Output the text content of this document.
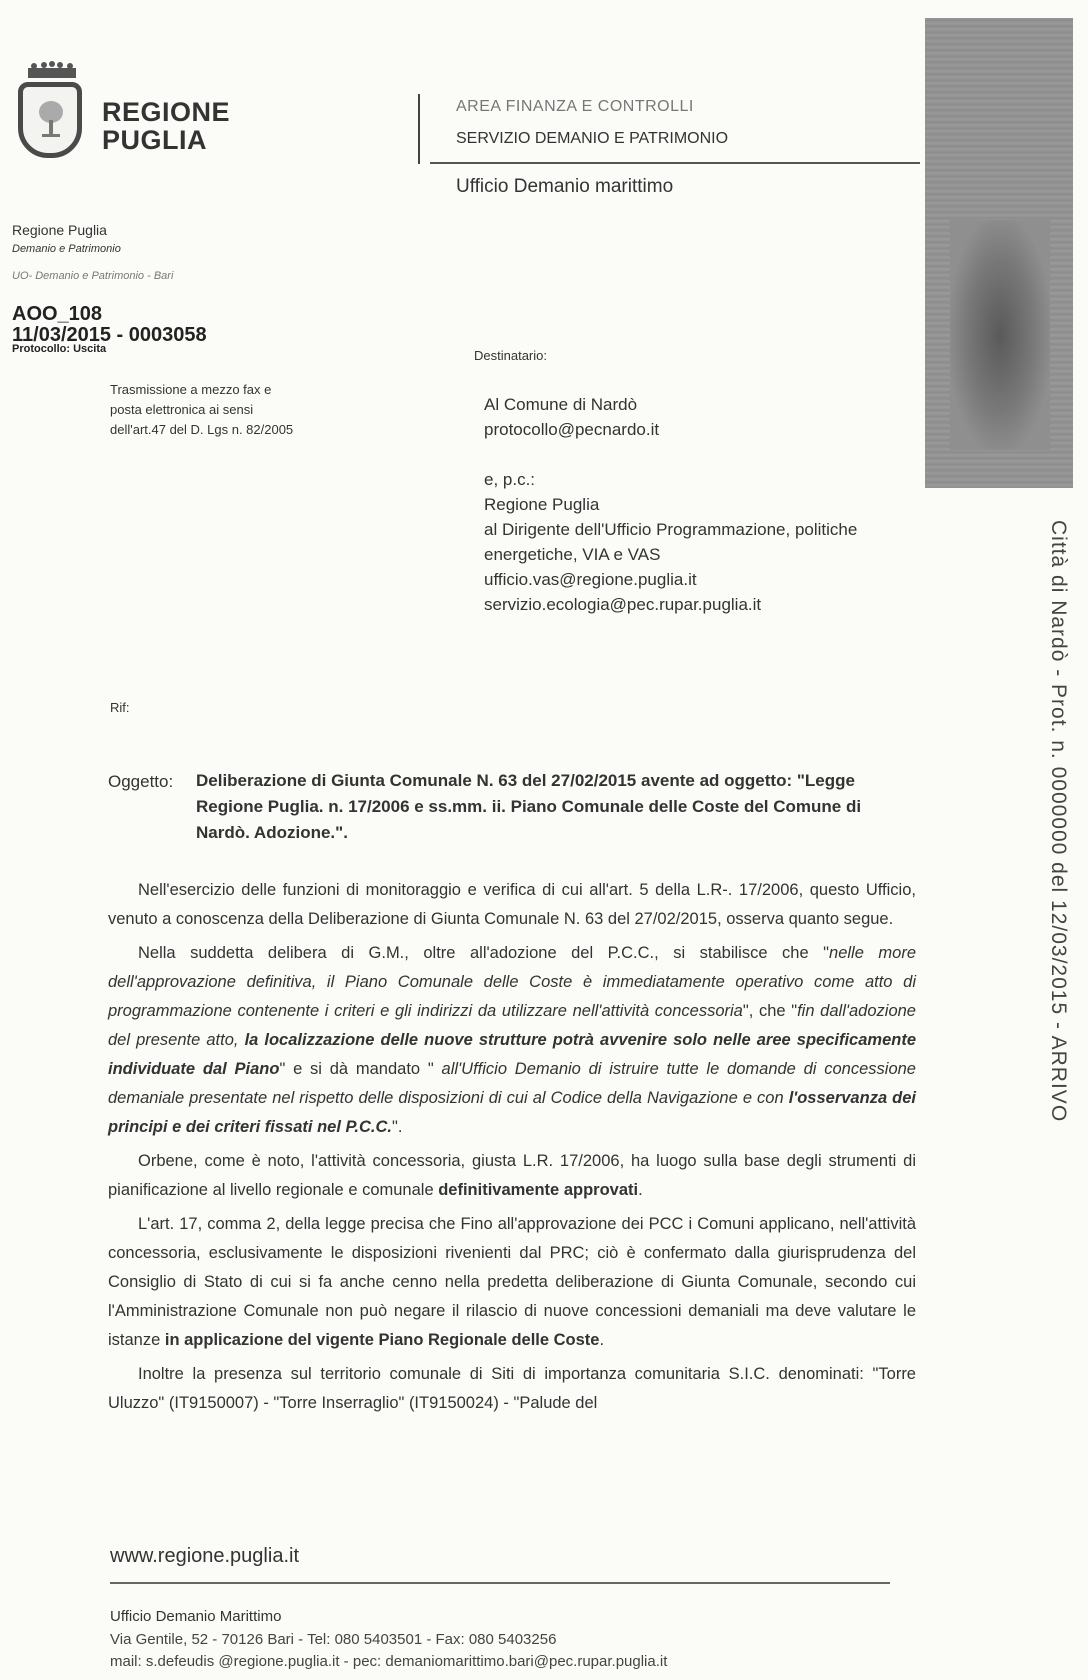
REGIONE
PUGLIA
AREA FINANZA E CONTROLLI
SERVIZIO DEMANIO E PATRIMONIO
Ufficio Demanio marittimo
Città di Nardò - Prot. n. 0000000 del 12/03/2015 - ARRIVO
Regione Puglia
Demanio e Patrimonio
UO- Demanio e Patrimonio - Bari
AOO_108
11/03/2015 - 0003058
Protocollo: Uscita
Trasmissione a mezzo fax e
posta elettronica ai sensi
dell'art.47 del D. Lgs n. 82/2005
Destinatario:
Al Comune di Nardò
protocollo@pecnardo.it
e, p.c.:
Regione Puglia
al Dirigente dell'Ufficio Programmazione, politiche
energetiche, VIA e VAS
ufficio.vas@regione.puglia.it
servizio.ecologia@pec.rupar.puglia.it
Rif:
Oggetto: Deliberazione di Giunta Comunale N. 63 del 27/02/2015 avente ad oggetto: "Legge Regione Puglia. n. 17/2006 e ss.mm. ii. Piano Comunale delle Coste del Comune di Nardò. Adozione.".

Nell'esercizio delle funzioni di monitoraggio e verifica di cui all'art. 5 della L.R-. 17/2006, questo Ufficio, venuto a conoscenza della Deliberazione di Giunta Comunale N. 63 del 27/02/2015, osserva quanto segue.

Nella suddetta delibera di G.M., oltre all'adozione del P.C.C., si stabilisce che "nelle more dell'approvazione definitiva, il Piano Comunale delle Coste è immediatamente operativo come atto di programmazione contenente i criteri e gli indirizzi da utilizzare nell'attività concessoria", che "fin dall'adozione del presente atto, la localizzazione delle nuove strutture potrà avvenire solo nelle aree specificamente individuate dal Piano" e si dà mandato " all'Ufficio Demanio di istruire tutte le domande di concessione demaniale presentate nel rispetto delle disposizioni di cui al Codice della Navigazione e con l'osservanza dei principi e dei criteri fissati nel P.C.C.".

Orbene, come è noto, l'attività concessoria, giusta L.R. 17/2006, ha luogo sulla base degli strumenti di pianificazione al livello regionale e comunale definitivamente approvati.

L'art. 17, comma 2, della legge precisa che Fino all'approvazione dei PCC i Comuni applicano, nell'attività concessoria, esclusivamente le disposizioni rivenienti dal PRC; ciò è confermato dalla giurisprudenza del Consiglio di Stato di cui si fa anche cenno nella predetta deliberazione di Giunta Comunale, secondo cui l'Amministrazione Comunale non può negare il rilascio di nuove concessioni demaniali ma deve valutare le istanze in applicazione del vigente Piano Regionale delle Coste.

Inoltre la presenza sul territorio comunale di Siti di importanza comunitaria S.I.C. denominati: "Torre Uluzzo" (IT9150007) - "Torre Inserraglio" (IT9150024) - "Palude del

www.regione.puglia.it
Ufficio Demanio Marittimo
Via Gentile, 52 - 70126 Bari - Tel: 080 5403501 - Fax: 080 5403256
mail: s.defeudis @regione.puglia.it - pec: demaniomarittimo.bari@pec.rupar.puglia.it
